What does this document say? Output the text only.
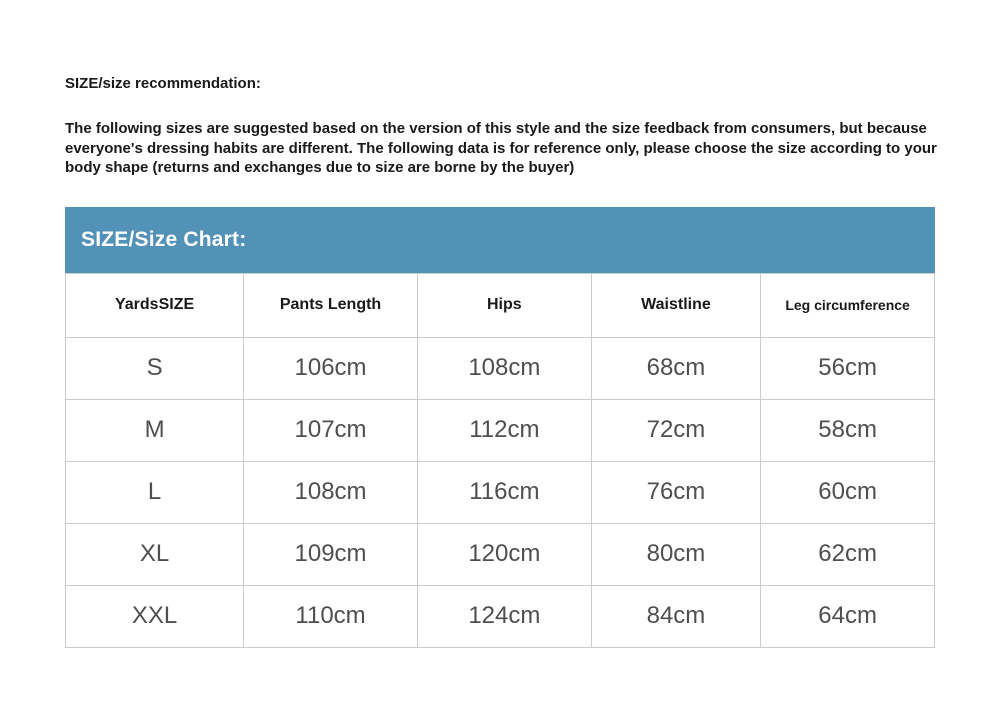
SIZE/size recommendation:

The following sizes are suggested based on the version of this style and the size feedback from consumers, but because everyone's dressing habits are different. The following data is for reference only, please choose the size according to your body shape (returns and exchanges due to size are borne by the buyer)

SIZE/Size Chart:
YardsSIZE	Pants Length	Hips	Waistline	Leg circumference
S	106cm	108cm	68cm	56cm
M	107cm	112cm	72cm	58cm
L	108cm	116cm	76cm	60cm
XL	109cm	120cm	80cm	62cm
XXL	110cm	124cm	84cm	64cm
